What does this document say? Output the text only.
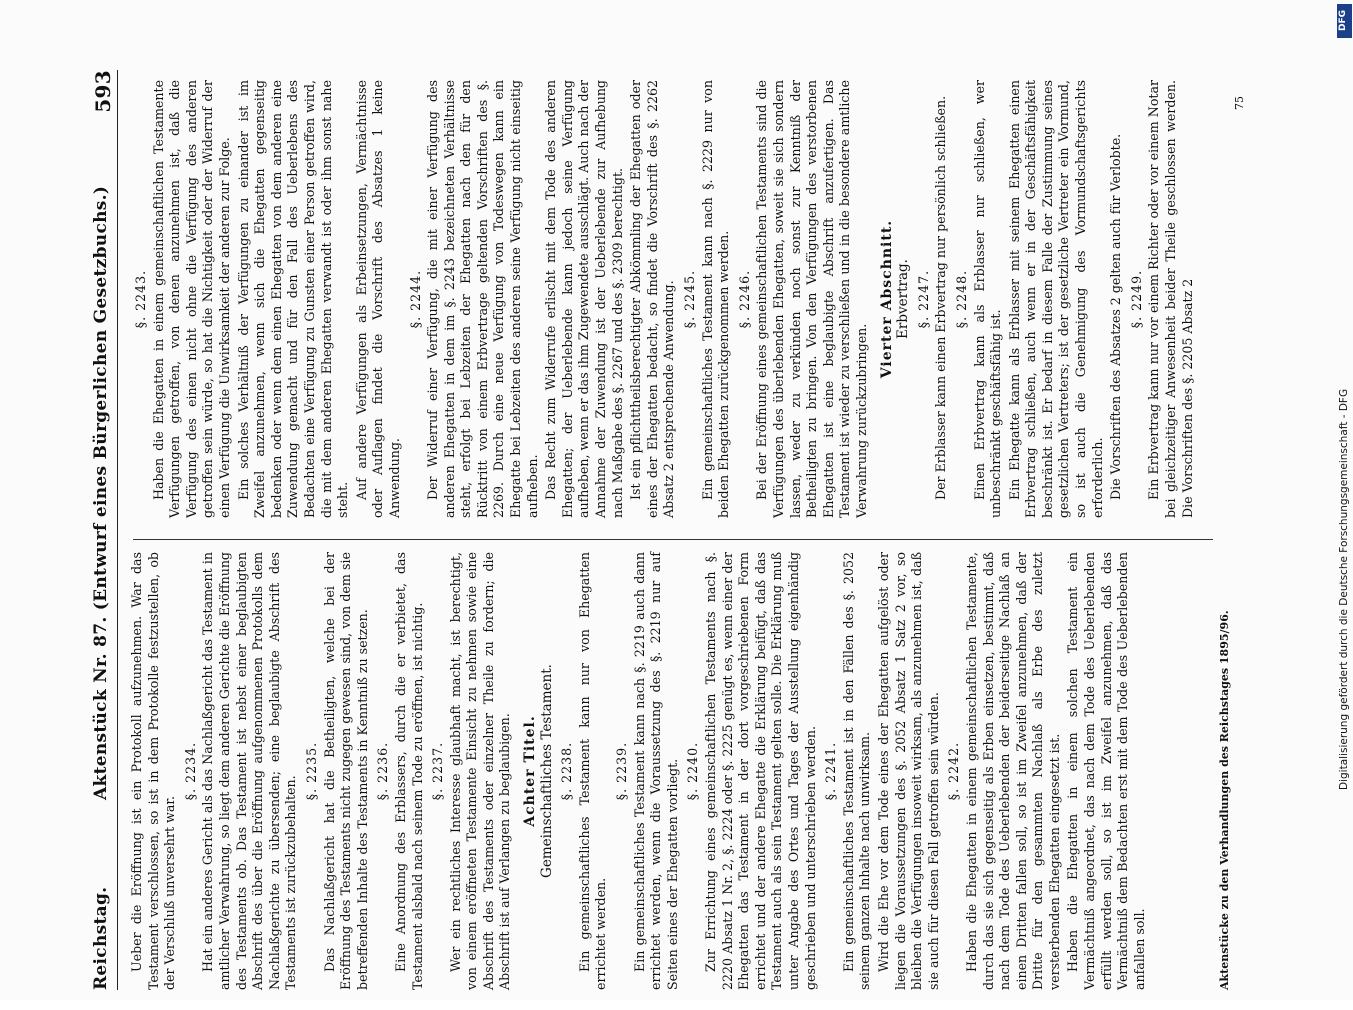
Reichstag.
Aktenstück Nr. 87. (Entwurf eines Bürgerlichen Gesetzbuchs.)
593

Ueber die Eröffnung ist ein Protokoll aufzunehmen. War das Testament verschlossen, so ist in dem Protokolle festzustellen, ob der Verschluß unversehrt war.

§. 2234. Hat ein anderes Gericht als das Nachlaßgericht das Testament in amtlicher Verwahrung, so liegt dem anderen Gerichte die Eröffnung des Testaments ob. Das Testament ist nebst einer beglaubigten Abschrift des über die Eröffnung aufgenommenen Protokolls dem Nachlaßgerichte zu übersenden; eine beglaubigte Abschrift des Testaments ist zurückzubehalten.

§. 2235. Das Nachlaßgericht hat die Betheiligten, welche bei der Eröffnung des Testaments nicht zugegen gewesen sind, von dem sie betreffenden Inhalte des Testaments in Kenntniß zu setzen. §. 2236. Eine Anordnung des Erblassers, durch die er verbietet, das Testament alsbald nach seinem Tode zu eröffnen, ist nichtig. §. 2237. Wer ein rechtliches Interesse glaubhaft macht, ist berechtigt, von einem eröffneten Testamente Einsicht zu nehmen sowie eine Abschrift des Testaments oder einzelner Theile zu fordern; die Abschrift ist auf Verlangen zu beglaubigen. Achter Titel. Gemeinschaftliches Testament. §. 2238. Ein gemeinschaftliches Testament kann nur von Ehegatten errichtet werden.

§. 2239. Ein gemeinschaftliches Testament kann nach §. 2219 auch dann errichtet werden, wenn die Voraussetzung des §. 2219 nur auf Seiten eines der Ehegatten vorliegt. §. 2240. Zur Errichtung eines gemeinschaftlichen Testaments nach §. 2220 Absatz 1 Nr. 2, §. 2224 oder §. 2225 genügt es, wenn einer der Ehegatten das Testament in der dort vorgeschriebenen Form errichtet und der andere Ehegatte die Erklärung beifügt, daß das Testament auch als sein Testament gelten solle. Die Erklärung muß unter Angabe des Ortes und Tages der Ausstellung eigenhändig geschrieben und unterschrieben werden. §. 2241. Ein gemeinschaftliches Testament ist in den Fällen des §. 2052 seinem ganzen Inhalte nach unwirksam. Wird die Ehe vor dem Tode eines der Ehegatten aufgelöst oder liegen die Voraussetzungen des §. 2052 Absatz 1 Satz 2 vor, so bleiben die Verfügungen insoweit wirksam, als anzunehmen ist, daß sie auch für diesen Fall getroffen sein würden. §. 2242. Haben die Ehegatten in einem gemeinschaftlichen Testamente, durch das sie sich gegenseitig als Erben einsetzen, bestimmt, daß nach dem Tode des Ueberlebenden der beiderseitige Nachlaß an einen Dritten fallen soll, so ist im Zweifel anzunehmen, daß der Dritte für den gesammten Nachlaß als Erbe des zuletzt versterbenden Ehegatten eingesetzt ist. Haben die Ehegatten in einem solchen Testament ein Vermächtniß angeordnet, das nach dem Tode des Ueberlebenden erfüllt werden soll, so ist im Zweifel anzunehmen, daß das Vermächtniß dem Bedachten erst mit dem Tode des Ueberlebenden anfallen soll.

§. 2243. Haben die Ehegatten in einem gemeinschaftlichen Testamente Verfügungen getroffen, von denen anzunehmen ist, daß die Verfügung des einen nicht ohne die Verfügung des anderen getroffen sein würde, so hat die Nichtigkeit oder der Widerruf der einen Verfügung die Unwirksamkeit der anderen zur Folge. Ein solches Verhältniß der Verfügungen zu einander ist im Zweifel anzunehmen, wenn sich die Ehegatten gegenseitig bedenken oder wenn dem einen Ehegatten von dem anderen eine Zuwendung gemacht und für den Fall des Ueberlebens des Bedachten eine Verfügung zu Gunsten einer Person getroffen wird, die mit dem anderen Ehegatten verwandt ist oder ihm sonst nahe steht. Auf andere Verfügungen als Erbeinsetzungen, Vermächtnisse oder Auflagen findet die Vorschrift des Absatzes 1 keine Anwendung.

§. 2244. Der Widerruf einer Verfügung, die mit einer Verfügung des anderen Ehegatten in dem im §. 2243 bezeichneten Verhältnisse steht, erfolgt bei Lebzeiten der Ehegatten nach den für den Rücktritt von einem Erbvertrage geltenden Vorschriften des §. 2269. Durch eine neue Verfügung von Todeswegen kann ein Ehegatte bei Lebzeiten des anderen seine Verfügung nicht einseitig aufheben. Das Recht zum Widerrufe erlischt mit dem Tode des anderen Ehegatten; der Ueberlebende kann jedoch seine Verfügung aufheben, wenn er das ihm Zugewendete ausschlägt. Auch nach der Annahme der Zuwendung ist der Ueberlebende zur Aufhebung nach Maßgabe des §. 2267 und des §. 2309 berechtigt. Ist ein pflichttheilsberechtigter Abkömmling der Ehegatten oder eines der Ehegatten bedacht, so findet die Vorschrift des §. 2262 Absatz 2 entsprechende Anwendung. §. 2245. Ein gemeinschaftliches Testament kann nach §. 2229 nur von beiden Ehegatten zurückgenommen werden. §. 2246. Bei der Eröffnung eines gemeinschaftlichen Testaments sind die Verfügungen des überlebenden Ehegatten, soweit sie sich sondern lassen, weder zu verkünden noch sonst zur Kenntniß der Betheiligten zu bringen. Von den Verfügungen des verstorbenen Ehegatten ist eine beglaubigte Abschrift anzufertigen. Das Testament ist wieder zu verschließen und in die besondere amtliche Verwahrung zurückzubringen.

Vierter Abschnitt. Erbvertrag. §. 2247. Der Erblasser kann einen Erbvertrag nur persönlich schließen. §. 2248. Einen Erbvertrag kann als Erblasser nur schließen, wer unbeschränkt geschäftsfähig ist. Ein Ehegatte kann als Erblasser mit seinem Ehegatten einen Erbvertrag schließen, auch wenn er in der Geschäftsfähigkeit beschränkt ist. Er bedarf in diesem Falle der Zustimmung seines gesetzlichen Vertreters; ist der gesetzliche Vertreter ein Vormund, so ist auch die Genehmigung des Vormundschaftsgerichts erforderlich. Die Vorschriften des Absatzes 2 gelten auch für Verlobte. §. 2249. Ein Erbvertrag kann nur vor einem Richter oder vor einem Notar bei gleichzeitiger Anwesenheit beider Theile geschlossen werden. Die Vorschriften des §. 2205 Absatz 2

Aktenstücke zu den Verhandlungen des Reichstages 1895/96.
75
Digitalisierung gefördert durch die Deutsche Forschungsgemeinschaft - DFG
DFG
